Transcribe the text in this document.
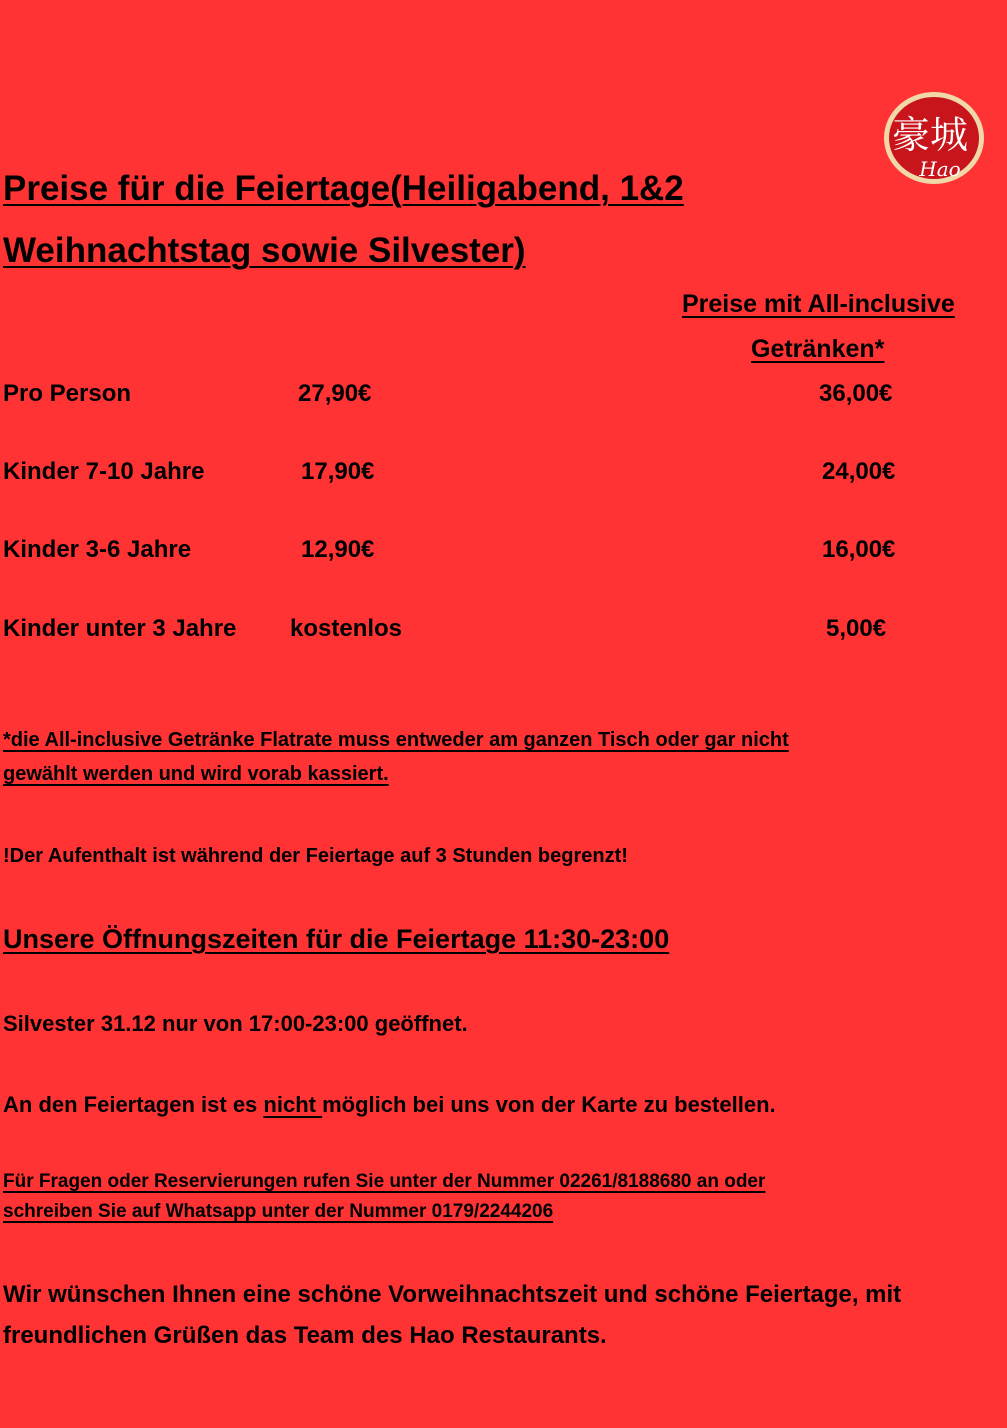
豪城
Hao
Preise für die Feiertage(Heiligabend, 1&2
Weihnachtstag sowie Silvester)
Preise mit All-inclusive
Getränken*
Pro Person	27,90€	36,00€
Kinder 7-10 Jahre	17,90€	24,00€
Kinder 3-6 Jahre	12,90€	16,00€
Kinder unter 3 Jahre kostenlos	5,00€
*die All-inclusive Getränke Flatrate muss entweder am ganzen Tisch oder gar nicht
gewählt werden und wird vorab kassiert.
!Der Aufenthalt ist während der Feiertage auf 3 Stunden begrenzt!
Unsere Öffnungszeiten für die Feiertage 11:30-23:00
Silvester 31.12 nur von 17:00-23:00 geöffnet.
An den Feiertagen ist es nicht möglich bei uns von der Karte zu bestellen.
Für Fragen oder Reservierungen rufen Sie unter der Nummer 02261/8188680 an oder
schreiben Sie auf Whatsapp unter der Nummer 0179/2244206
Wir wünschen Ihnen eine schöne Vorweihnachtszeit und schöne Feiertage, mit
freundlichen Grüßen das Team des Hao Restaurants.
